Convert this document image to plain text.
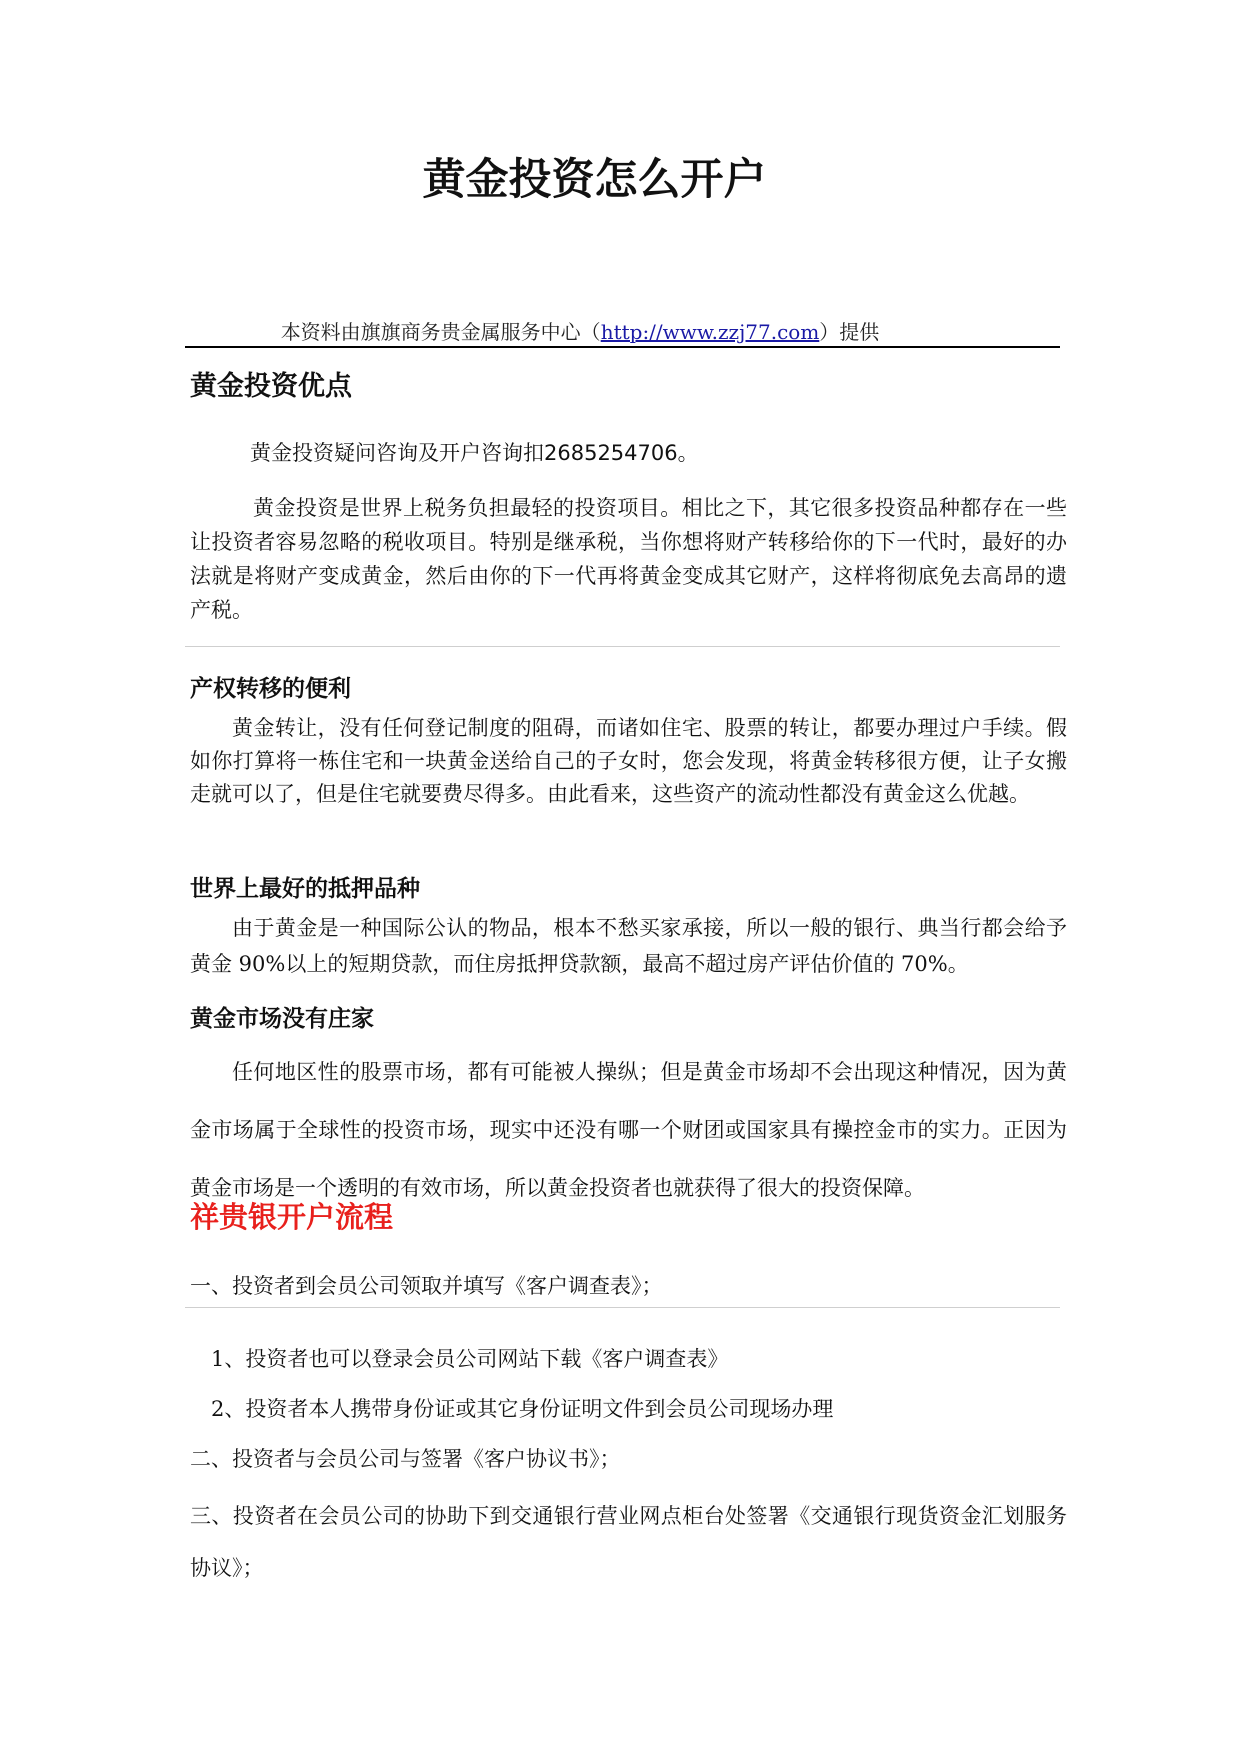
黄金投资怎么开户
本资料由旗旗商务贵金属服务中心（http://www.zzj77.com）提供
黄金投资优点
黄金投资疑问咨询及开户咨询扣2685254706。

黄金投资是世界上税务负担最轻的投资项目。相比之下，其它很多投资品种都存在一些让投资者容易忽略的税收项目。特别是继承税，当你想将财产转移给你的下一代时，最好的办法就是将财产变成黄金，然后由你的下一代再将黄金变成其它财产，这样将彻底免去高昂的遗产税。

产权转移的便利

黄金转让，没有任何登记制度的阻碍，而诸如住宅、股票的转让，都要办理过户手续。假如你打算将一栋住宅和一块黄金送给自己的子女时，您会发现，将黄金转移很方便，让子女搬走就可以了，但是住宅就要费尽得多。由此看来，这些资产的流动性都没有黄金这么优越。

世界上最好的抵押品种

由于黄金是一种国际公认的物品，根本不愁买家承接，所以一般的银行、典当行都会给予黄金 90%以上的短期贷款，而住房抵押贷款额，最高不超过房产评估价值的 70%。

黄金市场没有庄家

任何地区性的股票市场，都有可能被人操纵；但是黄金市场却不会出现这种情况，因为黄金市场属于全球性的投资市场，现实中还没有哪一个财团或国家具有操控金市的实力。正因为黄金市场是一个透明的有效市场，所以黄金投资者也就获得了很大的投资保障。

祥贵银开户流程
一、投资者到会员公司领取并填写《客户调查表》；
1、投资者也可以登录会员公司网站下载《客户调查表》
2、投资者本人携带身份证或其它身份证明文件到会员公司现场办理
二、投资者与会员公司与签署《客户协议书》；

三、投资者在会员公司的协助下到交通银行营业网点柜台处签署《交通银行现货资金汇划服务协议》；
